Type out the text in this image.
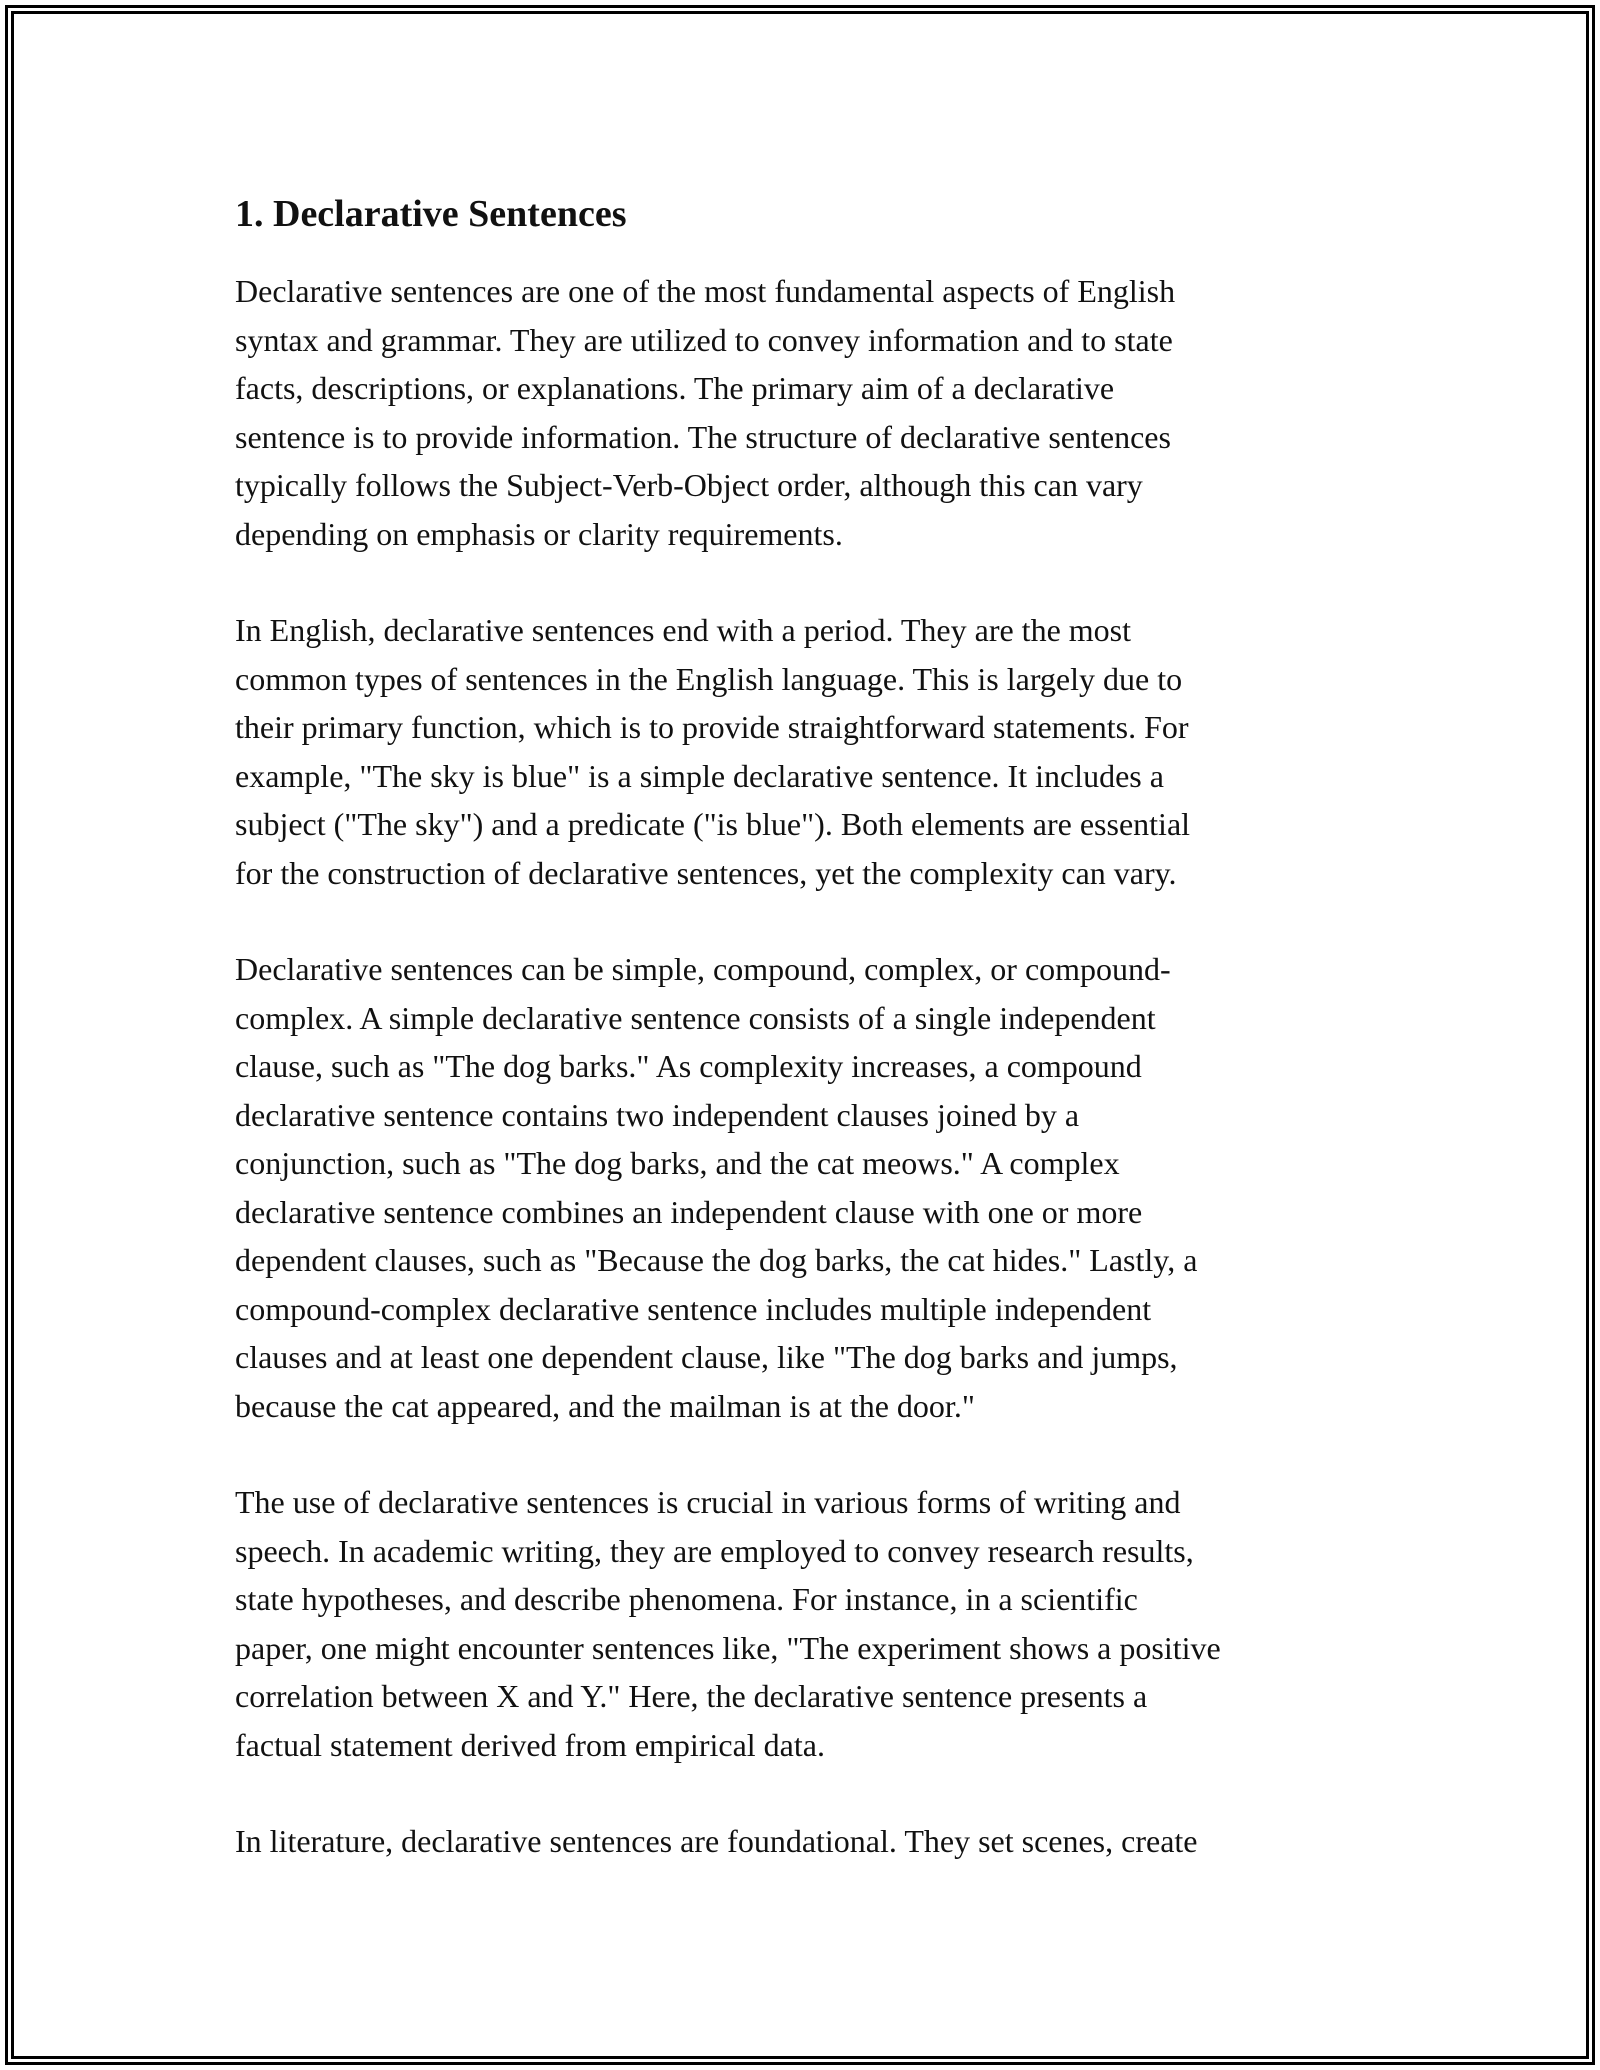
1. Declarative Sentences

Declarative sentences are one of the most fundamental aspects of English
syntax and grammar. They are utilized to convey information and to state
facts, descriptions, or explanations. The primary aim of a declarative
sentence is to provide information. The structure of declarative sentences
typically follows the Subject-Verb-Object order, although this can vary
depending on emphasis or clarity requirements.

In English, declarative sentences end with a period. They are the most
common types of sentences in the English language. This is largely due to
their primary function, which is to provide straightforward statements. For
example, "The sky is blue" is a simple declarative sentence. It includes a
subject ("The sky") and a predicate ("is blue"). Both elements are essential
for the construction of declarative sentences, yet the complexity can vary.

Declarative sentences can be simple, compound, complex, or compound-
complex. A simple declarative sentence consists of a single independent
clause, such as "The dog barks." As complexity increases, a compound
declarative sentence contains two independent clauses joined by a
conjunction, such as "The dog barks, and the cat meows." A complex
declarative sentence combines an independent clause with one or more
dependent clauses, such as "Because the dog barks, the cat hides." Lastly, a
compound-complex declarative sentence includes multiple independent
clauses and at least one dependent clause, like "The dog barks and jumps,
because the cat appeared, and the mailman is at the door."

The use of declarative sentences is crucial in various forms of writing and
speech. In academic writing, they are employed to convey research results,
state hypotheses, and describe phenomena. For instance, in a scientific
paper, one might encounter sentences like, "The experiment shows a positive
correlation between X and Y." Here, the declarative sentence presents a
factual statement derived from empirical data.

In literature, declarative sentences are foundational. They set scenes, create
